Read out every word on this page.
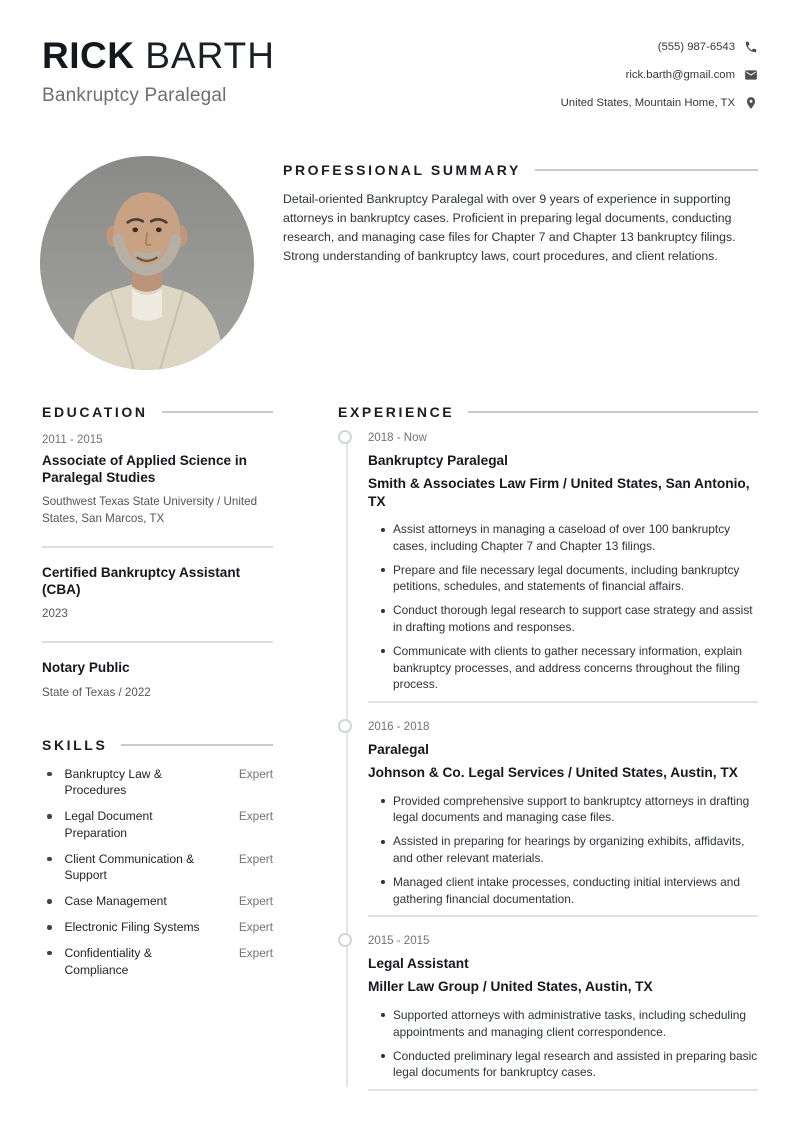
RICK BARTH
Bankruptcy Paralegal
(555) 987-6543
rick.barth@gmail.com
United States, Mountain Home, TX
PROFESSIONAL SUMMARY

Detail-oriented Bankruptcy Paralegal with over 9 years of experience in supporting attorneys in bankruptcy cases. Proficient in preparing legal documents, conducting research, and managing case files for Chapter 7 and Chapter 13 bankruptcy filings. Strong understanding of bankruptcy laws, court procedures, and client relations.

EDUCATION
2011 - 2015
Associate of Applied Science in Paralegal Studies
Southwest Texas State University / United States, San Marcos, TX
Certified Bankruptcy Assistant (CBA)
2023
Notary Public
State of Texas / 2022
SKILLS
Bankruptcy Law & Procedures
Expert
Legal Document Preparation
Expert
Client Communication & Support
Expert
Case Management	Expert
Electronic Filing Systems	Expert
Confidentiality & Compliance
Expert
EXPERIENCE
2018 - Now
Bankruptcy Paralegal
Smith & Associates Law Firm / United States, San Antonio, TX
Assist attorneys in managing a caseload of over 100 bankruptcy cases, including Chapter 7 and Chapter 13 filings.
Prepare and file necessary legal documents, including bankruptcy petitions, schedules, and statements of financial affairs.
Conduct thorough legal research to support case strategy and assist in drafting motions and responses.
Communicate with clients to gather necessary information, explain bankruptcy processes, and address concerns throughout the filing process.
2016 - 2018
Paralegal
Johnson & Co. Legal Services / United States, Austin, TX
Provided comprehensive support to bankruptcy attorneys in drafting legal documents and managing case files.
Assisted in preparing for hearings by organizing exhibits, affidavits, and other relevant materials.
Managed client intake processes, conducting initial interviews and gathering financial documentation.
2015 - 2015
Legal Assistant
Miller Law Group / United States, Austin, TX
Supported attorneys with administrative tasks, including scheduling appointments and managing client correspondence.
Conducted preliminary legal research and assisted in preparing basic legal documents for bankruptcy cases.
